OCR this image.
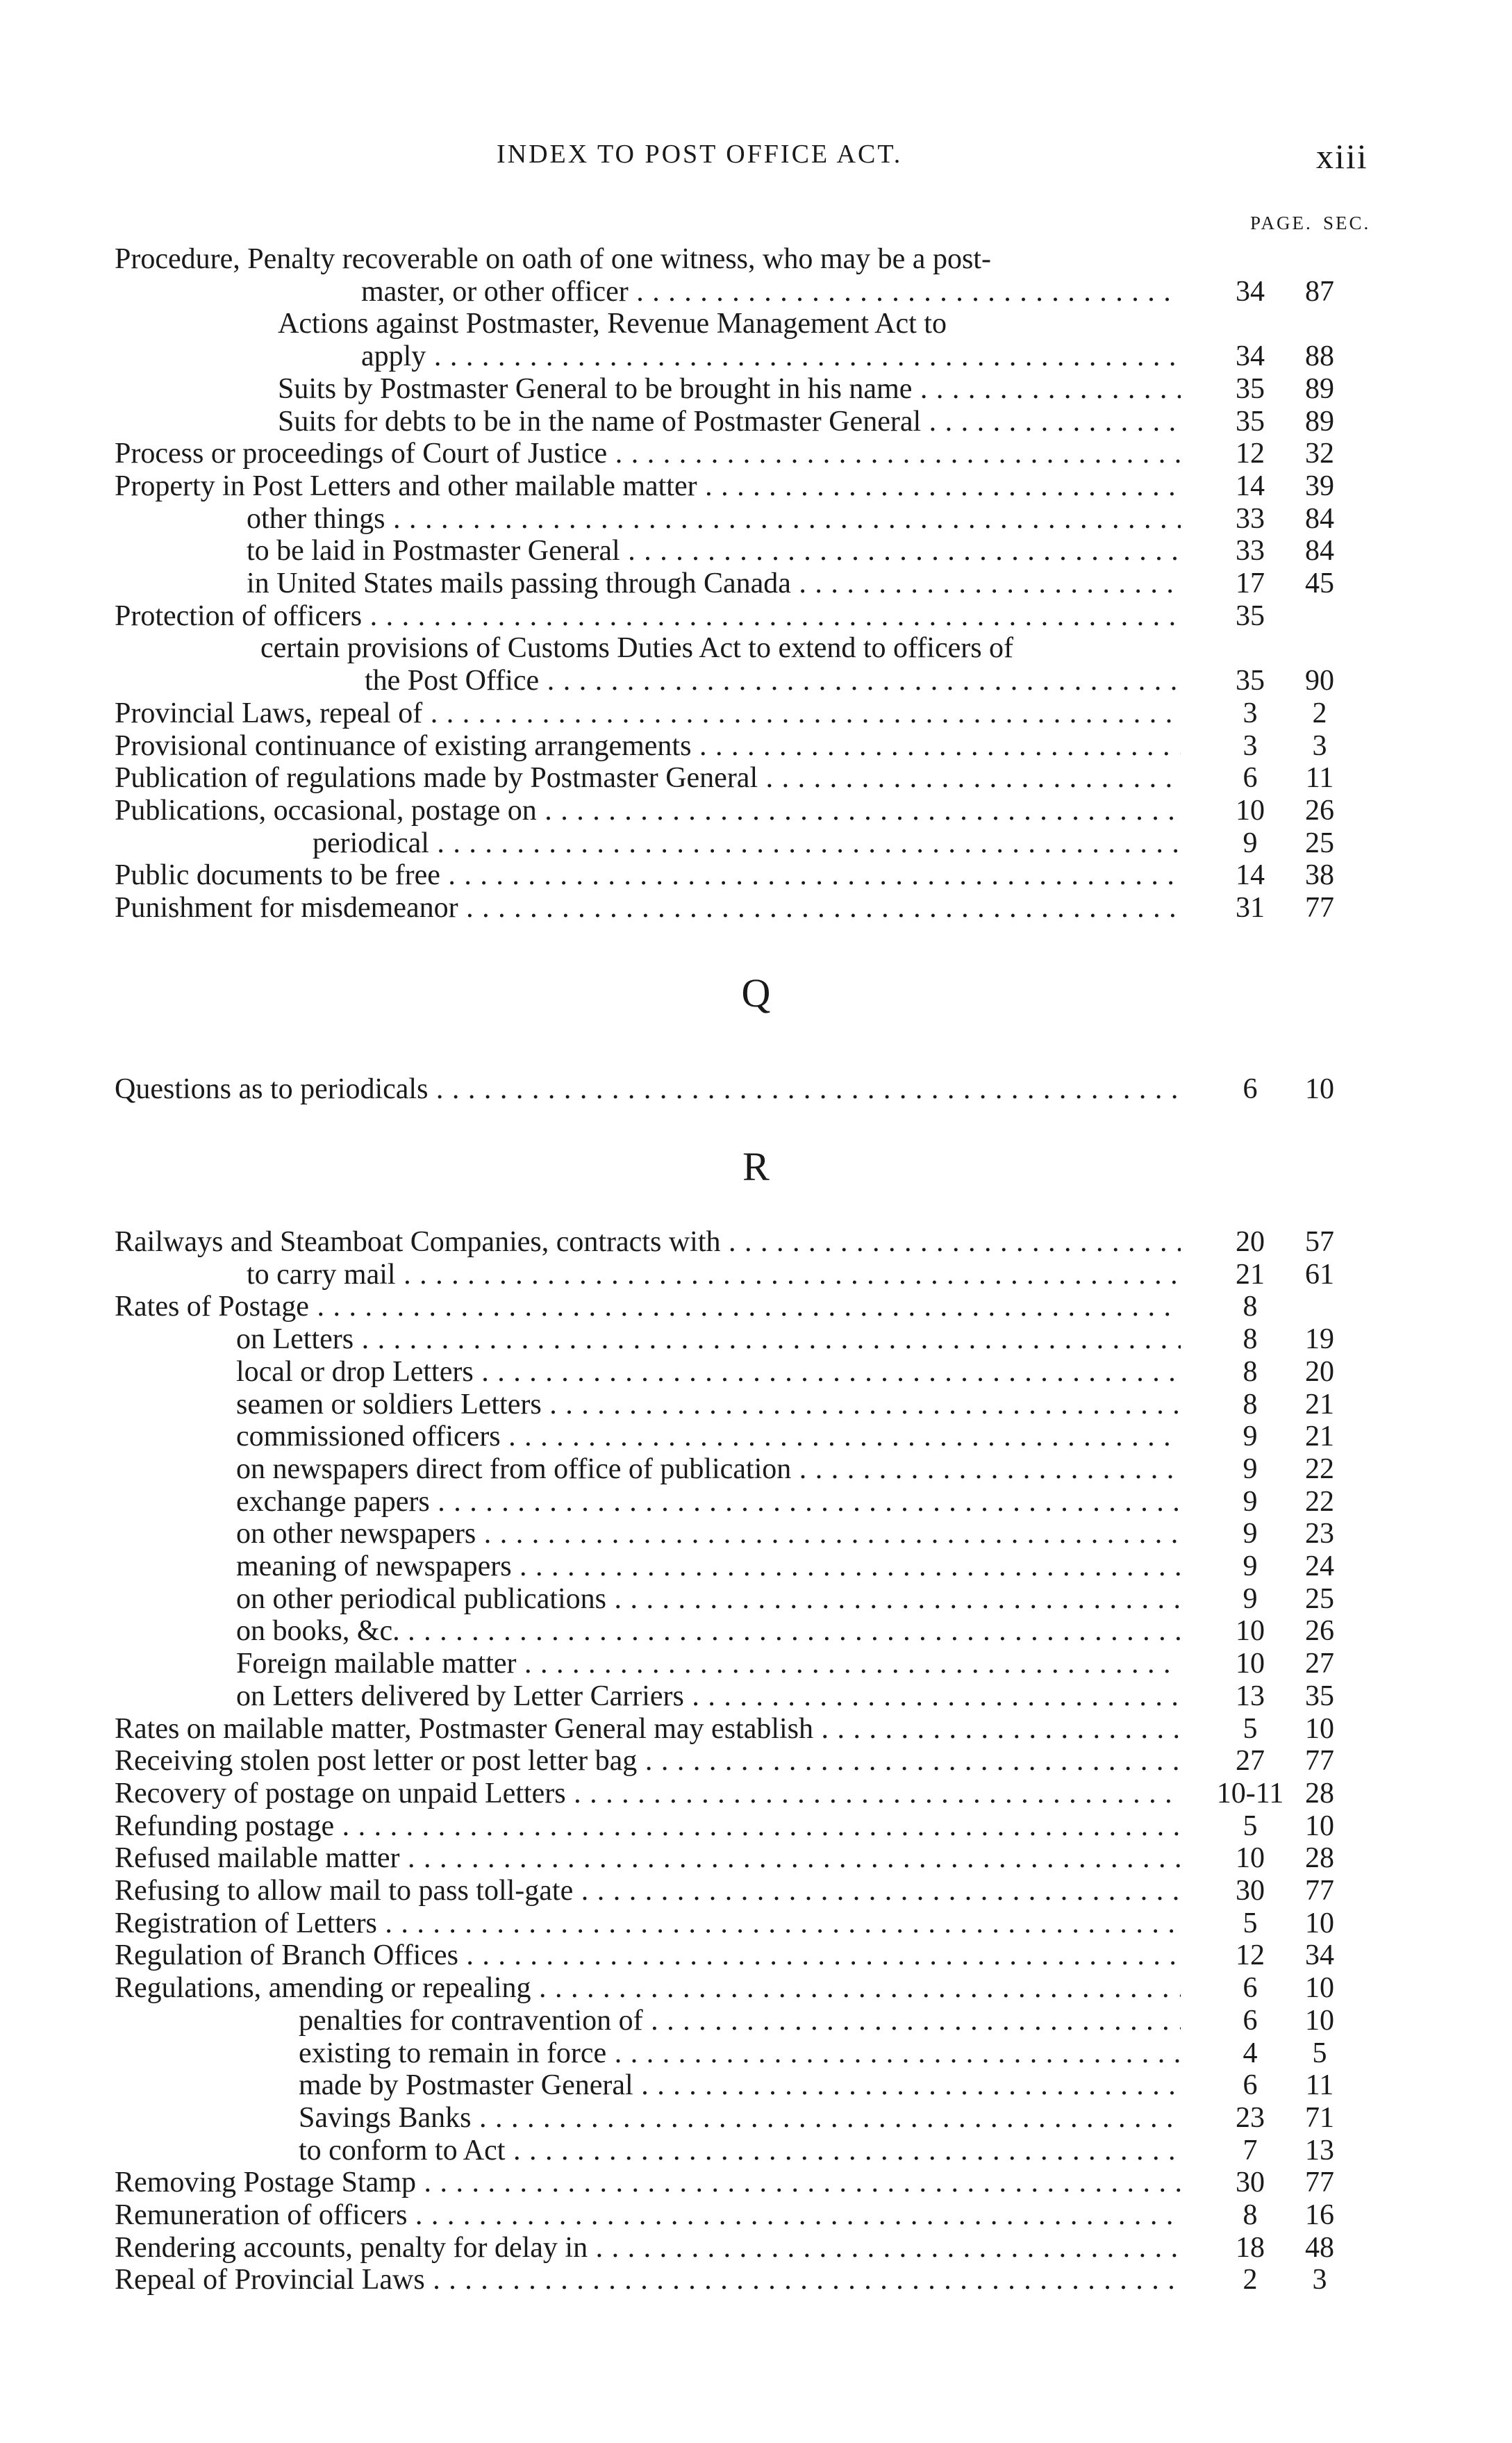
INDEX TO POST OFFICE ACT.	xiii
PAGE. SEC.
Procedure, Penalty recoverable on oath of one witness, who may be a post-
master, or other officer . . .	34	87
Actions against Postmaster, Revenue Management Act to
apply . . .	34	88
Suits by Postmaster General to be brought in his name . . .	35	89
Suits for debts to be in the name of Postmaster General . . .	35	89
Process or proceedings of Court of Justice . . .	12	32
Property in Post Letters and other mailable matter . . .	14	39
other things . . .	33	84
to be laid in Postmaster General . . .	33	84
in United States mails passing through Canada . . .	17	45
Protection of officers . . .	35
certain provisions of Customs Duties Act to extend to officers of
the Post Office . . .	35	90
Provincial Laws, repeal of . . .	3	2
Provisional continuance of existing arrangements . . .	3	3
Publication of regulations made by Postmaster General . . .	6	11
Publications, occasional, postage on . . .	10	26
periodical . . .	9	25
Public documents to be free . . .	14	38
Punishment for misdemeanor . . .	31	77
Q
Questions as to periodicals . . .	6	10
R
Railways and Steamboat Companies, contracts with . . .	20	57
to carry mail . . .	21	61
Rates of Postage . . .	8
on Letters . . .	8	19
local or drop Letters . . .	8	20
seamen or soldiers Letters . . .	8	21
commissioned officers . . .	9	21
on newspapers direct from office of publication . . .	9	22
exchange papers . . .	9	22
on other newspapers . . .	9	23
meaning of newspapers . . .	9	24
on other periodical publications . . .	9	25
on books, &c. . . .	10	26
Foreign mailable matter . . .	10	27
on Letters delivered by Letter Carriers . . .	13	35
Rates on mailable matter, Postmaster General may establish . . .	5	10
Receiving stolen post letter or post letter bag . . .	27	77
Recovery of postage on unpaid Letters . . .	10-11 28
Refunding postage . . .	5	10
Refused mailable matter . . .	10	28
Refusing to allow mail to pass toll-gate . . .	30	77
Registration of Letters . . .	5	10
Regulation of Branch Offices . . .	12	34
Regulations, amending or repealing . . .	6	10
penalties for contravention of . . .	6	10
existing to remain in force . . .	4	5
made by Postmaster General . . .	6	11
Savings Banks . . .	23	71
to conform to Act . . .	7	13
Removing Postage Stamp . . .	30	77
Remuneration of officers . . .	8	16
Rendering accounts, penalty for delay in . . .	18	48
Repeal of Provincial Laws . . .	2	3
